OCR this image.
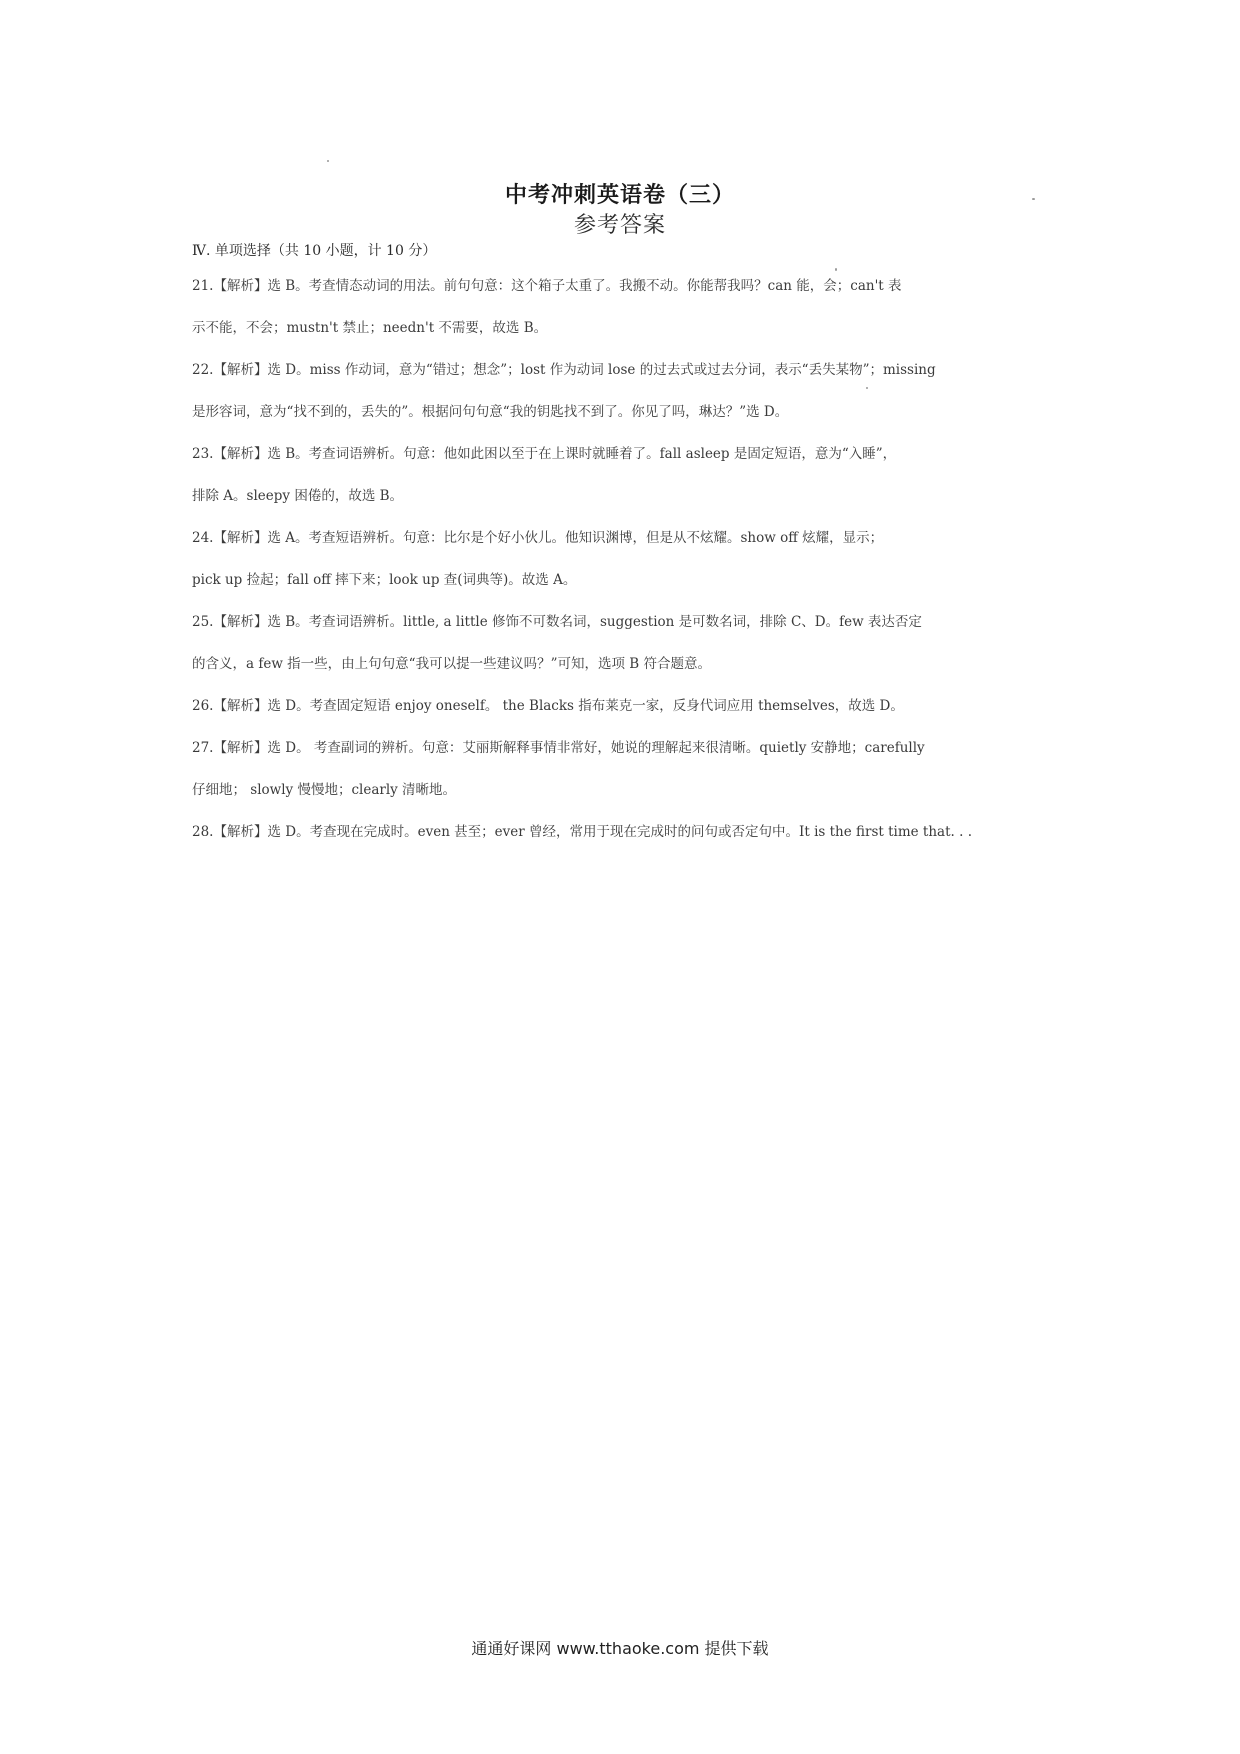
中考冲刺英语卷（三）
参考答案
Ⅳ. 单项选择（共 10 小题，计 10 分）
21.【解析】选 B。考查情态动词的用法。前句句意：这个箱子太重了。我搬不动。你能帮我吗？can 能，会；can't 表
示不能，不会；mustn't 禁止；needn't 不需要，故选 B。
22.【解析】选 D。miss 作动词，意为“错过；想念”；lost 作为动词 lose 的过去式或过去分词，表示“丢失某物”；missing
是形容词，意为“找不到的，丢失的”。根据问句句意“我的钥匙找不到了。你见了吗，琳达？”选 D。
23.【解析】选 B。考查词语辨析。句意：他如此困以至于在上课时就睡着了。fall asleep 是固定短语，意为“入睡”，
排除 A。sleepy 困倦的，故选 B。
24.【解析】选 A。考查短语辨析。句意：比尔是个好小伙儿。他知识渊博，但是从不炫耀。show off 炫耀，显示；
pick up 捡起；fall off 摔下来；look up 查(词典等)。故选 A。
25.【解析】选 B。考查词语辨析。little, a little 修饰不可数名词，suggestion 是可数名词，排除 C、D。few 表达否定
的含义，a few 指一些，由上句句意“我可以提一些建议吗？”可知，选项 B 符合题意。
26.【解析】选 D。考查固定短语 enjoy oneself。 the Blacks 指布莱克一家，反身代词应用 themselves，故选 D。
27.【解析】选 D。 考查副词的辨析。句意：艾丽斯解释事情非常好，她说的理解起来很清晰。quietly 安静地；carefully
仔细地； slowly 慢慢地；clearly 清晰地。
28.【解析】选 D。考查现在完成时。even 甚至；ever 曾经，常用于现在完成时的问句或否定句中。It is the first time that. . .
通通好课网 www.tthaoke.com 提供下载
